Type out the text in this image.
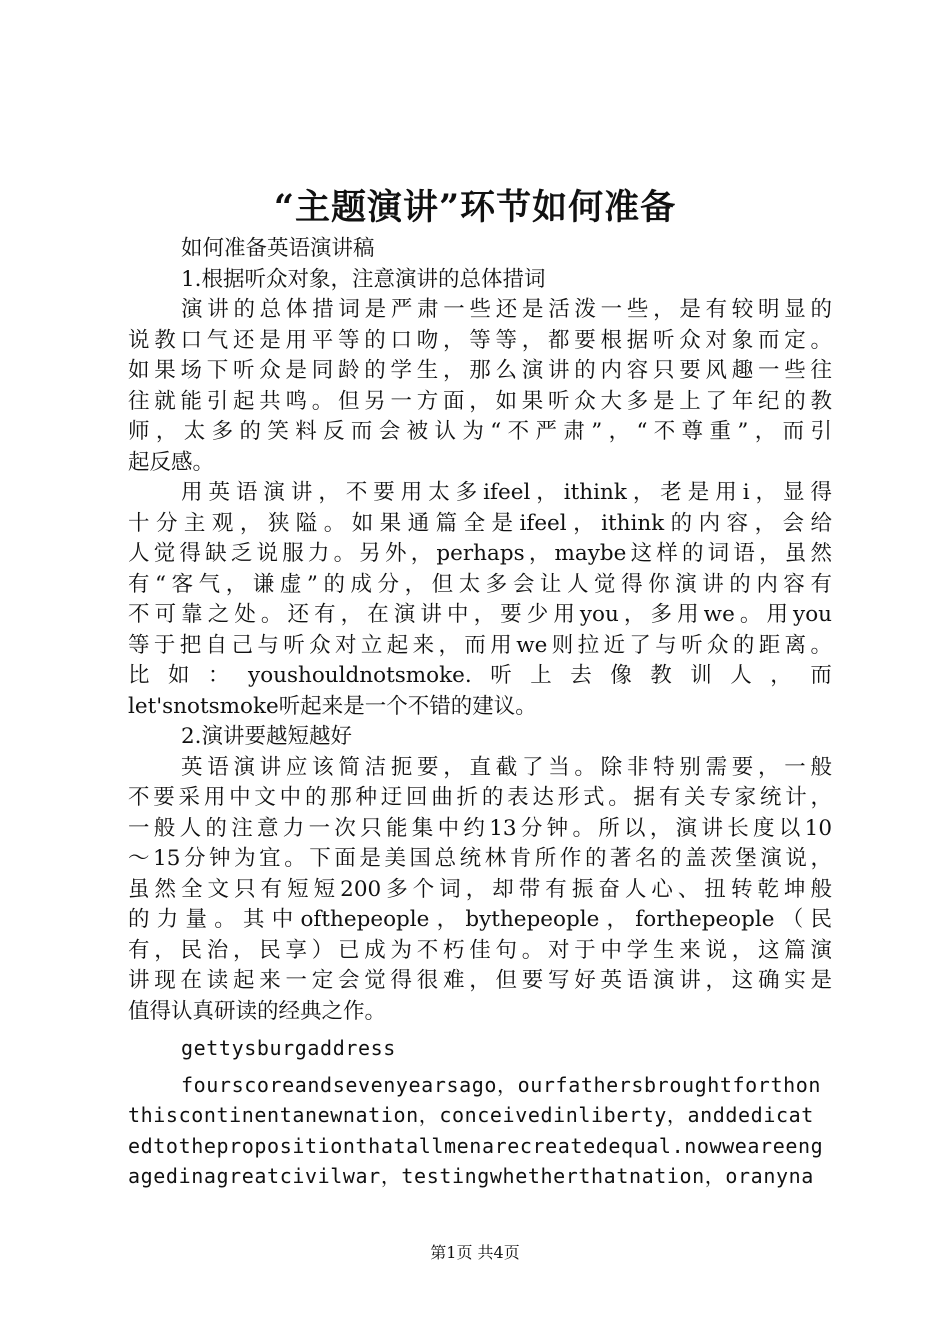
“主题演讲”环节如何准备
如何准备英语演讲稿
1.根据听众对象，注意演讲的总体措词
演讲的总体措词是严肃一些还是活泼一些，是有较明显的
说教口气还是用平等的口吻，等等，都要根据听众对象而定。
如果场下听众是同龄的学生，那么演讲的内容只要风趣一些往
往就能引起共鸣。但另一方面，如果听众大多是上了年纪的教
师，太多的笑料反而会被认为“不严肃”，“不尊重”，而引
起反感。
用英语演讲，不要用太多ifeel，ithink，老是用i，显得
十分主观，狭隘。如果通篇全是ifeel，ithink的内容，会给
人觉得缺乏说服力。另外，perhaps，maybe这样的词语，虽然
有“客气，谦虚”的成分，但太多会让人觉得你演讲的内容有
不可靠之处。还有，在演讲中，要少用you，多用we。用you
等于把自己与听众对立起来，而用we则拉近了与听众的距离。
比 如 ： youshouldnotsmoke. 听 上 去 像 教 训 人 ， 而
let'snotsmoke听起来是一个不错的建议。
2.演讲要越短越好
英语演讲应该简洁扼要，直截了当。除非特别需要，一般
不要采用中文中的那种迂回曲折的表达形式。据有关专家统计，
一般人的注意力一次只能集中约13分钟。所以，演讲长度以10
～15分钟为宜。下面是美国总统林肯所作的著名的盖茨堡演说，
虽然全文只有短短200多个词，却带有振奋人心、扭转乾坤般
的力量。其中ofthepeople，bythepeople，forthepeople（民
有，民治，民享）已成为不朽佳句。对于中学生来说，这篇演
讲现在读起来一定会觉得很难，但要写好英语演讲，这确实是
值得认真研读的经典之作。
gettysburgaddress
fourscoreandsevenyearsago，ourfathersbroughtforthon
thiscontinentanewnation，conceivedinliberty，anddedicat
edtothepropositionthatallmenarecreatedequal.nowweareeng
agedinagreatcivilwar，testingwhetherthatnation，oranyna
第1页 共4页
